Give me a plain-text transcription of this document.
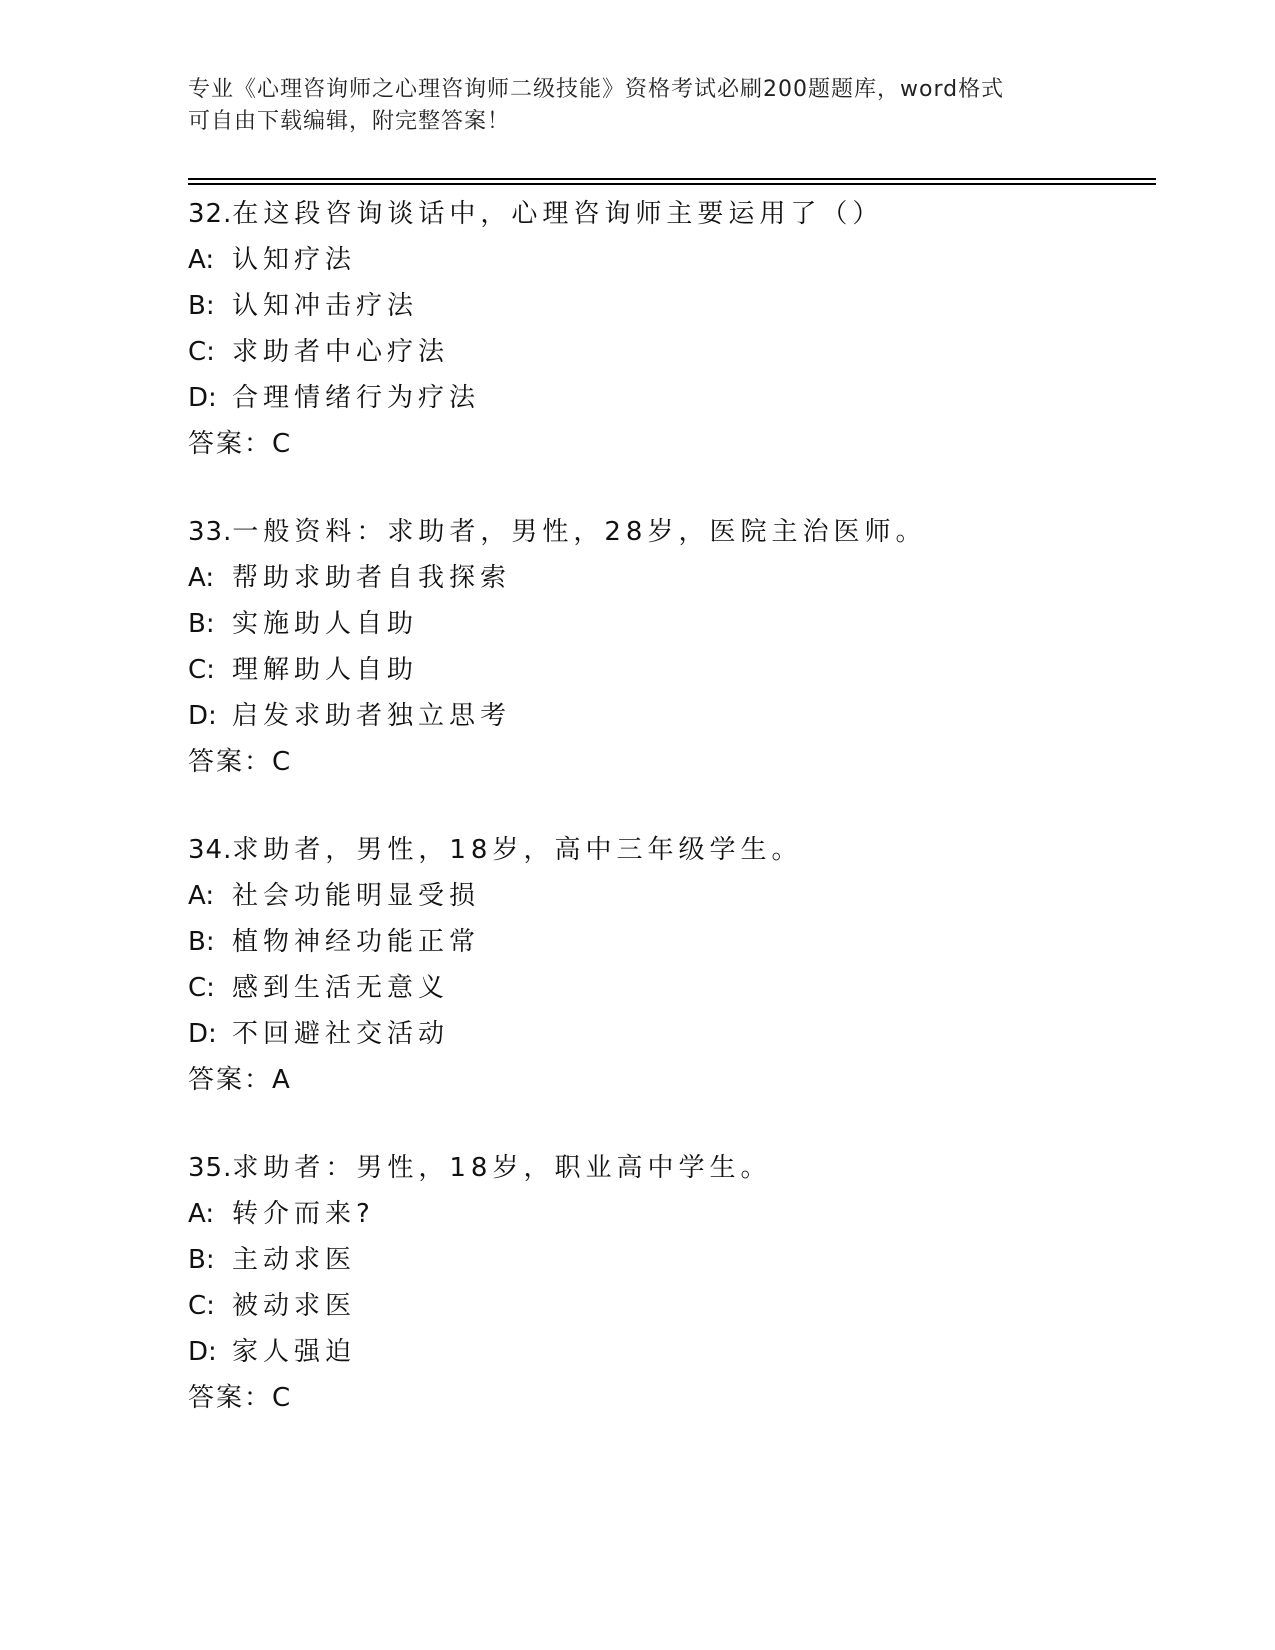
专业《心理咨询师之心理咨询师二级技能》资格考试必刷200题题库，word格式
可自由下载编辑，附完整答案！
32.在这段咨询谈话中，心理咨询师主要运用了（）
A: 认知疗法
B: 认知冲击疗法
C: 求助者中心疗法
D: 合理情绪行为疗法
答案：C
33.一般资料：求助者，男性，28岁，医院主治医师。
A: 帮助求助者自我探索
B: 实施助人自助
C: 理解助人自助
D: 启发求助者独立思考
答案：C
34.求助者，男性，18岁，高中三年级学生。
A: 社会功能明显受损
B: 植物神经功能正常
C: 感到生活无意义
D: 不回避社交活动
答案：A
35.求助者：男性，18岁，职业高中学生。
A: 转介而来?
B: 主动求医
C: 被动求医
D: 家人强迫
答案：C
